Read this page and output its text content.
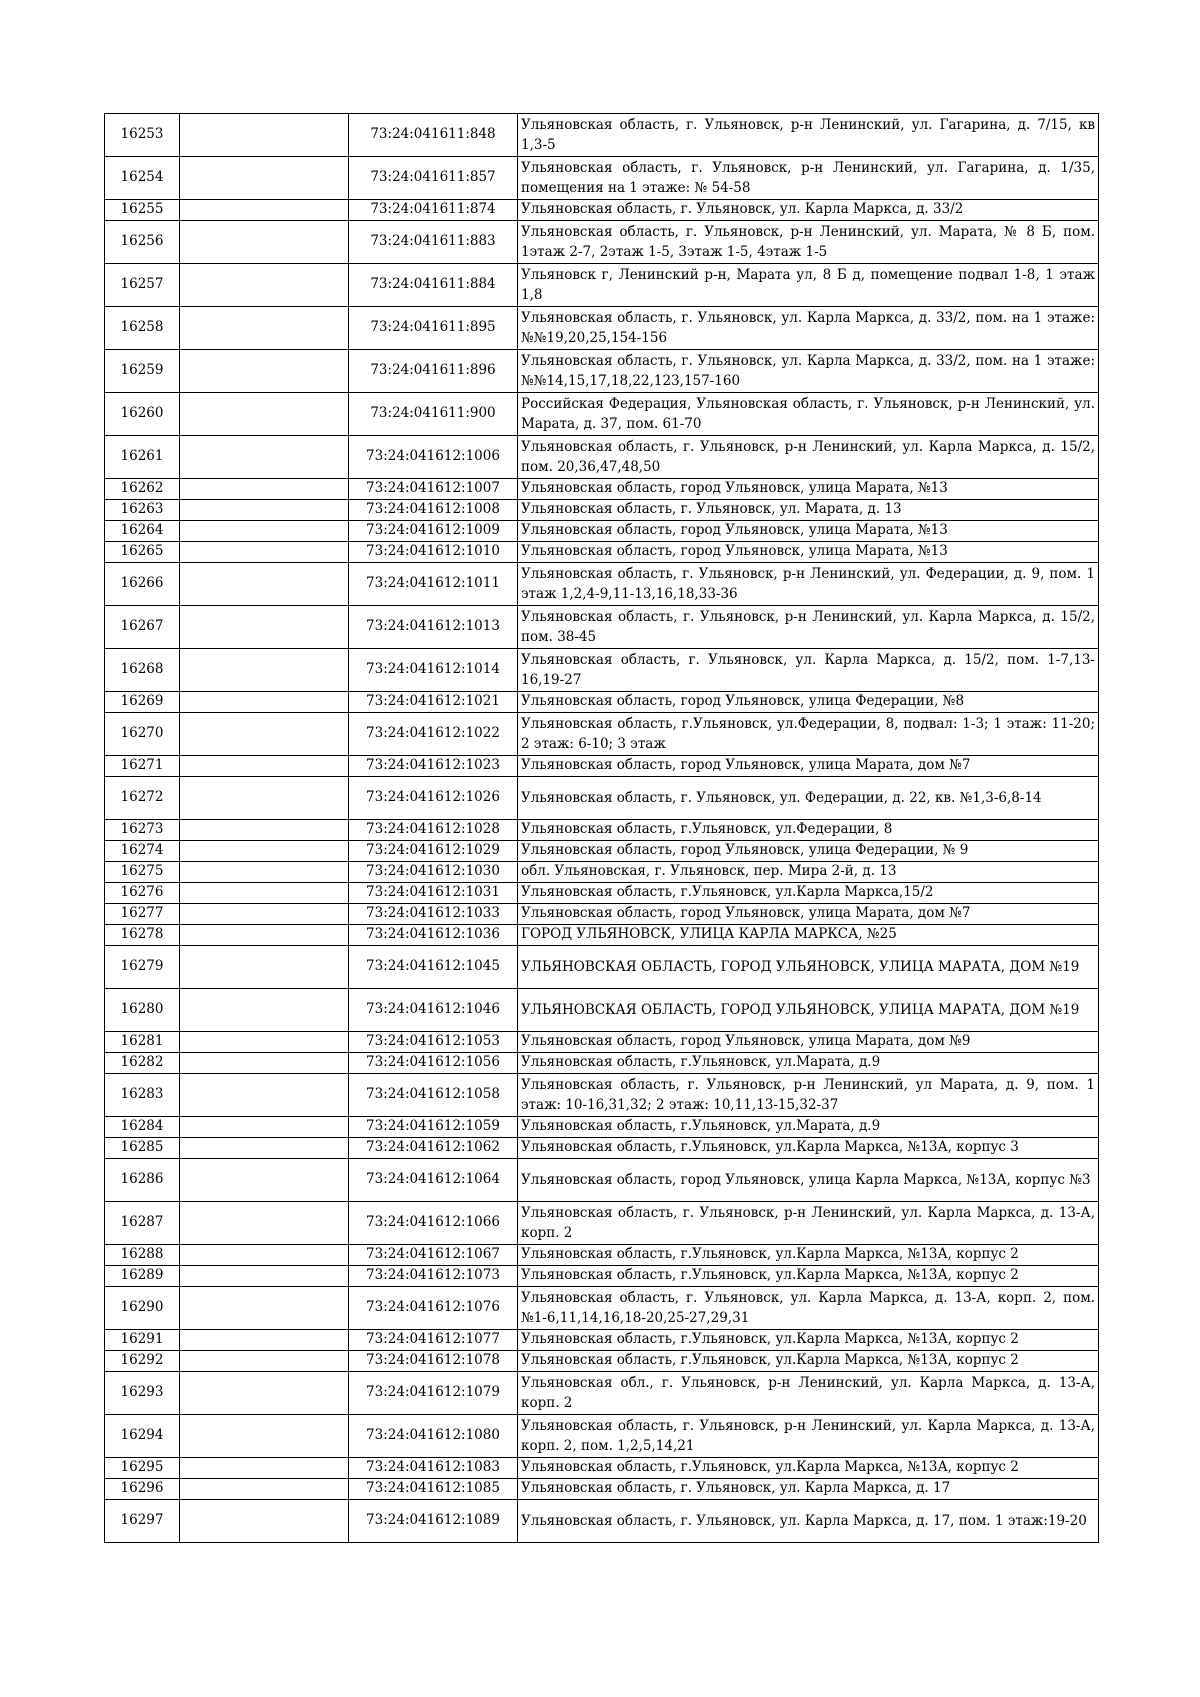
16253		73:24:041611:848	Ульяновская область, г. Ульяновск, р-н Ленинский, ул. Гагарина, д. 7/15, кв 1,3-5
16254		73:24:041611:857	Ульяновская область, г. Ульяновск, р-н Ленинский, ул. Гагарина, д. 1/35, помещения на 1 этаже: № 54-58
16255		73:24:041611:874	Ульяновская область, г. Ульяновск, ул. Карла Маркса, д. 33/2
16256		73:24:041611:883	Ульяновская область, г. Ульяновск, р-н Ленинский, ул. Марата, № 8 Б, пом. 1этаж 2-7, 2этаж 1-5, 3этаж 1-5, 4этаж 1-5
16257		73:24:041611:884	Ульяновск г, Ленинский р-н, Марата ул, 8 Б д, помещение подвал 1-8, 1 этаж 1,8
16258		73:24:041611:895	Ульяновская область, г. Ульяновск, ул. Карла Маркса, д. 33/2, пом. на 1 этаже: №№19,20,25,154-156
16259		73:24:041611:896	Ульяновская область, г. Ульяновск, ул. Карла Маркса, д. 33/2, пом. на 1 этаже: №№14,15,17,18,22,123,157-160
16260		73:24:041611:900	Российская Федерация, Ульяновская область, г. Ульяновск, р-н Ленинский, ул. Марата, д. 37, пом. 61-70
16261		73:24:041612:1006	Ульяновская область, г. Ульяновск, р-н Ленинский, ул. Карла Маркса, д. 15/2, пом. 20,36,47,48,50
16262		73:24:041612:1007	Ульяновская область, город Ульяновск, улица Марата, №13
16263		73:24:041612:1008	Ульяновская область, г. Ульяновск, ул. Марата, д. 13
16264		73:24:041612:1009	Ульяновская область, город Ульяновск, улица Марата, №13
16265		73:24:041612:1010	Ульяновская область, город Ульяновск, улица Марата, №13
16266		73:24:041612:1011	Ульяновская область, г. Ульяновск, р-н Ленинский, ул. Федерации, д. 9, пом. 1 этаж 1,2,4-9,11-13,16,18,33-36
16267		73:24:041612:1013	Ульяновская область, г. Ульяновск, р-н Ленинский, ул. Карла Маркса, д. 15/2, пом. 38-45
16268		73:24:041612:1014	Ульяновская область, г. Ульяновск, ул. Карла Маркса, д. 15/2, пом. 1-7,13-16,19-27
16269		73:24:041612:1021	Ульяновская область, город Ульяновск, улица Федерации, №8
16270		73:24:041612:1022	Ульяновская область, г.Ульяновск, ул.Федерации, 8, подвал: 1-3; 1 этаж: 11-20; 2 этаж: 6-10; 3 этаж
16271		73:24:041612:1023	Ульяновская область, город Ульяновск, улица Марата, дом №7
16272		73:24:041612:1026	Ульяновская область, г. Ульяновск, ул. Федерации, д. 22, кв. №1,3-6,8-14
16273		73:24:041612:1028	Ульяновская область, г.Ульяновск, ул.Федерации, 8
16274		73:24:041612:1029	Ульяновская область, город Ульяновск, улица Федерации, № 9
16275		73:24:041612:1030	обл. Ульяновская, г. Ульяновск, пер. Мира 2-й, д. 13
16276		73:24:041612:1031	Ульяновская область, г.Ульяновск, ул.Карла Маркса,15/2
16277		73:24:041612:1033	Ульяновская область, город Ульяновск, улица Марата, дом №7
16278		73:24:041612:1036	ГОРОД УЛЬЯНОВСК, УЛИЦА КАРЛА МАРКСА, №25
16279		73:24:041612:1045	УЛЬЯНОВСКАЯ ОБЛАСТЬ, ГОРОД УЛЬЯНОВСК, УЛИЦА МАРАТА, ДОМ №19
16280		73:24:041612:1046	УЛЬЯНОВСКАЯ ОБЛАСТЬ, ГОРОД УЛЬЯНОВСК, УЛИЦА МАРАТА, ДОМ №19
16281		73:24:041612:1053	Ульяновская область, город Ульяновск, улица Марата, дом №9
16282		73:24:041612:1056	Ульяновская область, г.Ульяновск, ул.Марата, д.9
16283		73:24:041612:1058	Ульяновская область, г. Ульяновск, р-н Ленинский, ул Марата, д. 9, пом. 1 этаж: 10-16,31,32; 2 этаж: 10,11,13-15,32-37
16284		73:24:041612:1059	Ульяновская область, г.Ульяновск, ул.Марата, д.9
16285		73:24:041612:1062	Ульяновская область, г.Ульяновск, ул.Карла Маркса, №13А, корпус 3
16286		73:24:041612:1064	Ульяновская область, город Ульяновск, улица Карла Маркса, №13А, корпус №3
16287		73:24:041612:1066	Ульяновская область, г. Ульяновск, р-н Ленинский, ул. Карла Маркса, д. 13-А, корп. 2
16288		73:24:041612:1067	Ульяновская область, г.Ульяновск, ул.Карла Маркса, №13А, корпус 2
16289		73:24:041612:1073	Ульяновская область, г.Ульяновск, ул.Карла Маркса, №13А, корпус 2
16290		73:24:041612:1076	Ульяновская область, г. Ульяновск, ул. Карла Маркса, д. 13-А, корп. 2, пом. №1-6,11,14,16,18-20,25-27,29,31
16291		73:24:041612:1077	Ульяновская область, г.Ульяновск, ул.Карла Маркса, №13А, корпус 2
16292		73:24:041612:1078	Ульяновская область, г.Ульяновск, ул.Карла Маркса, №13А, корпус 2
16293		73:24:041612:1079	Ульяновская обл., г. Ульяновск, р-н Ленинский, ул. Карла Маркса, д. 13-А, корп. 2
16294		73:24:041612:1080	Ульяновская область, г. Ульяновск, р-н Ленинский, ул. Карла Маркса, д. 13-А, корп. 2, пом. 1,2,5,14,21
16295		73:24:041612:1083	Ульяновская область, г.Ульяновск, ул.Карла Маркса, №13А, корпус 2
16296		73:24:041612:1085	Ульяновская область, г. Ульяновск, ул. Карла Маркса, д. 17
16297		73:24:041612:1089	Ульяновская область, г. Ульяновск, ул. Карла Маркса, д. 17, пом. 1 этаж:19-20
